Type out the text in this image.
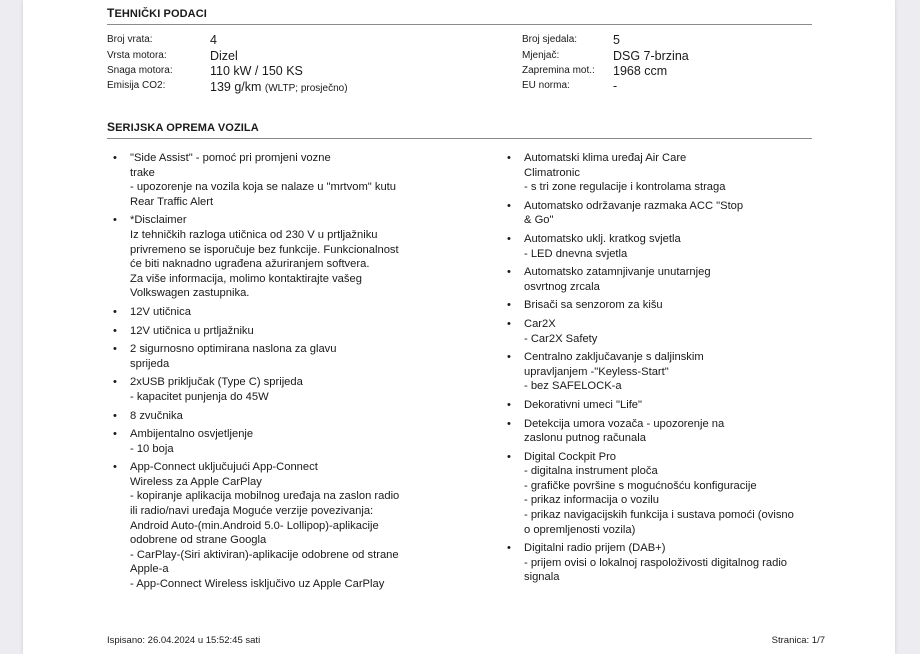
TEHNIČKI PODACI
Broj vrata:	4
Vrsta motora:	Dizel
Snaga motora:	110 kW / 150 KS
Emisija CO2:	139 g/km (WLTP; prosječno)
Broj sjedala:	5
Mjenjač:	DSG 7-brzina
Zapremina mot.: 1968 ccm
EU norma:	-
SERIJSKA OPREMA VOZILA
• "Side Assist" - pomoć pri promjeni vozne
trake
- upozorenje na vozila koja se nalaze u "mrtvom" kutu
Rear Traffic Alert
• *Disclaimer
Iz tehničkih razloga utičnica od 230 V u prtljažniku
privremeno se isporučuje bez funkcije. Funkcionalnost
će biti naknadno ugrađena ažuriranjem softvera.
Za više informacija, molimo kontaktirajte vašeg
Volkswagen zastupnika.
• 12V utičnica
• 12V utičnica u prtljažniku
• 2 sigurnosno optimirana naslona za glavu
sprijeda
• 2xUSB priključak (Type C) sprijeda
- kapacitet punjenja do 45W
• 8 zvučnika
• Ambijentalno osvjetljenje
- 10 boja
• App-Connect uključujući App-Connect
Wireless za Apple CarPlay
- kopiranje aplikacija mobilnog uređaja na zaslon radio
ili radio/navi uređaja Moguće verzije povezivanja:
Android Auto-(min.Android 5.0- Lollipop)-aplikacije
odobrene od strane Googla
- CarPlay-(Siri aktiviran)-aplikacije odobrene od strane
Apple-a
- App-Connect Wireless isključivo uz Apple CarPlay
• Automatski klima uređaj Air Care
Climatronic
- s tri zone regulacije i kontrolama straga
• Automatsko održavanje razmaka ACC "Stop
& Go"
• Automatsko uklj. kratkog svjetla
- LED dnevna svjetla
• Automatsko zatamnjivanje unutarnjeg
osvrtnog zrcala
• Brisači sa senzorom za kišu
• Car2X
- Car2X Safety
• Centralno zaključavanje s daljinskim
upravljanjem -"Keyless-Start"
- bez SAFELOCK-a
• Dekorativni umeci "Life"
• Detekcija umora vozača - upozorenje na
zaslonu putnog računala
• Digital Cockpit Pro
- digitalna instrument ploča
- grafičke površine s mogućnošću konfiguracije
- prikaz informacija o vozilu
- prikaz navigacijskih funkcija i sustava pomoći (ovisno
o opremljenosti vozila)
• Digitalni radio prijem (DAB+)
- prijem ovisi o lokalnoj raspoloživosti digitalnog radio
signala
Ispisano: 26.04.2024 u 15:52:45 sati	Stranica: 1/7
